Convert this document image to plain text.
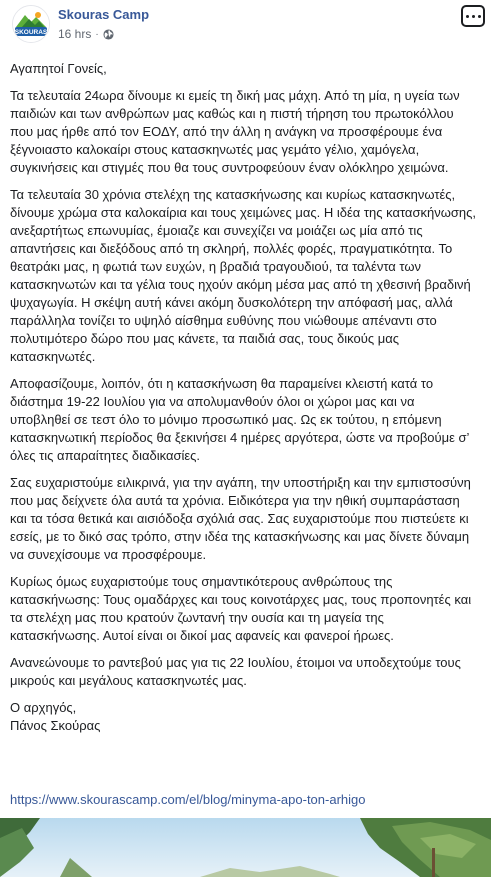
SKOURAS
Skouras Camp
16 hrs ·

Αγαπητοί Γονείς,

Τα τελευταία 24ωρα δίνουμε κι εμείς τη δική μας μάχη. Από τη μία, η υγεία των παιδιών και των ανθρώπων μας καθώς και η πιστή τήρηση του πρωτοκόλλου που μας ήρθε από τον ΕΟΔΥ, από την άλλη η ανάγκη να προσφέρουμε ένα ξέγνοιαστο καλοκαίρι στους κατασκηνωτές μας γεμάτο γέλιο, χαμόγελα, συγκινήσεις και στιγμές που θα τους συντροφεύουν έναν ολόκληρο χειμώνα.

Τα τελευταία 30 χρόνια στελέχη της κατασκήνωσης και κυρίως κατασκηνωτές, δίνουμε χρώμα στα καλοκαίρια και τους χειμώνες μας. Η ιδέα της κατασκήνωσης, ανεξαρτήτως επωνυμίας, έμοιαζε και συνεχίζει να μοιάζει ως μία από τις απαντήσεις και διεξόδους από τη σκληρή, πολλές φορές, πραγματικότητα. Το θεατράκι μας, η φωτιά των ευχών, η βραδιά τραγουδιού, τα ταλέντα των κατασκηνωτών και τα γέλια τους ηχούν ακόμη μέσα μας από τη χθεσινή βραδινή ψυχαγωγία. Η σκέψη αυτή κάνει ακόμη δυσκολότερη την απόφασή μας, αλλά παράλληλα τονίζει το υψηλό αίσθημα ευθύνης που νιώθουμε απέναντι στο πολυτιμότερο δώρο που μας κάνετε, τα παιδιά σας, τους δικούς μας κατασκηνωτές.

Αποφασίζουμε, λοιπόν, ότι η κατασκήνωση θα παραμείνει κλειστή κατά το διάστημα 19-22 Ιουλίου για να απολυμανθούν όλοι οι χώροι μας και να υποβληθεί σε τεστ όλο το μόνιμο προσωπικό μας. Ως εκ τούτου, η επόμενη κατασκηνωτική περίοδος θα ξεκινήσει 4 ημέρες αργότερα, ώστε να προβούμε σ’ όλες τις απαραίτητες διαδικασίες.

Σας ευχαριστούμε ειλικρινά, για την αγάπη, την υποστήριξη και την εμπιστοσύνη που μας δείχνετε όλα αυτά τα χρόνια. Ειδικότερα για την ηθική συμπαράσταση και τα τόσα θετικά και αισιόδοξα σχόλιά σας. Σας ευχαριστούμε που πιστεύετε κι εσείς, με το δικό σας τρόπο, στην ιδέα της κατασκήνωσης και μας δίνετε δύναμη να συνεχίσουμε να προσφέρουμε.

Κυρίως όμως ευχαριστούμε τους σημαντικότερους ανθρώπους της κατασκήνωσης: Τους ομαδάρχες και τους κοινοτάρχες μας, τους προπονητές και τα στελέχη μας που κρατούν ζωντανή την ουσία και τη μαγεία της κατασκήνωσης. Αυτοί είναι οι δικοί μας αφανείς και φανεροί ήρωες.

Ανανεώνουμε το ραντεβού μας για τις 22 Ιουλίου, έτοιμοι να υποδεχτούμε τους μικρούς και μεγάλους κατασκηνωτές μας.

Ο αρχηγός,

Πάνος Σκούρας

https://www.skourascamp.com/el/blog/minyma-apo-ton-arhigo
